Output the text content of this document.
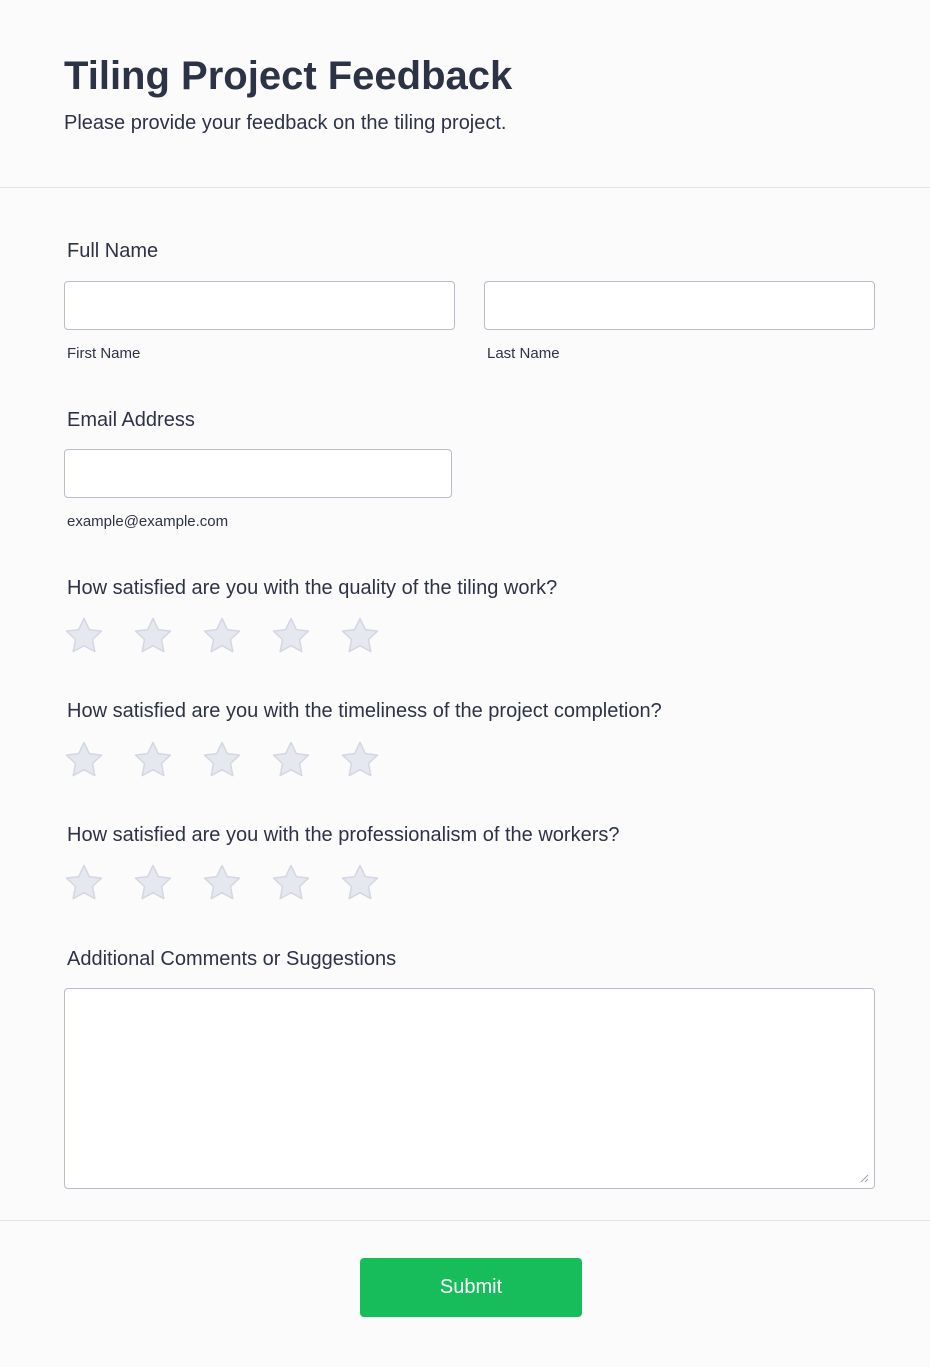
Tiling Project Feedback

Please provide your feedback on the tiling project.

Full Name
First Name	Last Name
Email Address
example@example.com
How satisfied are you with the quality of the tiling work?
How satisfied are you with the timeliness of the project completion?
How satisfied are you with the professionalism of the workers?
Additional Comments or Suggestions
Submit
